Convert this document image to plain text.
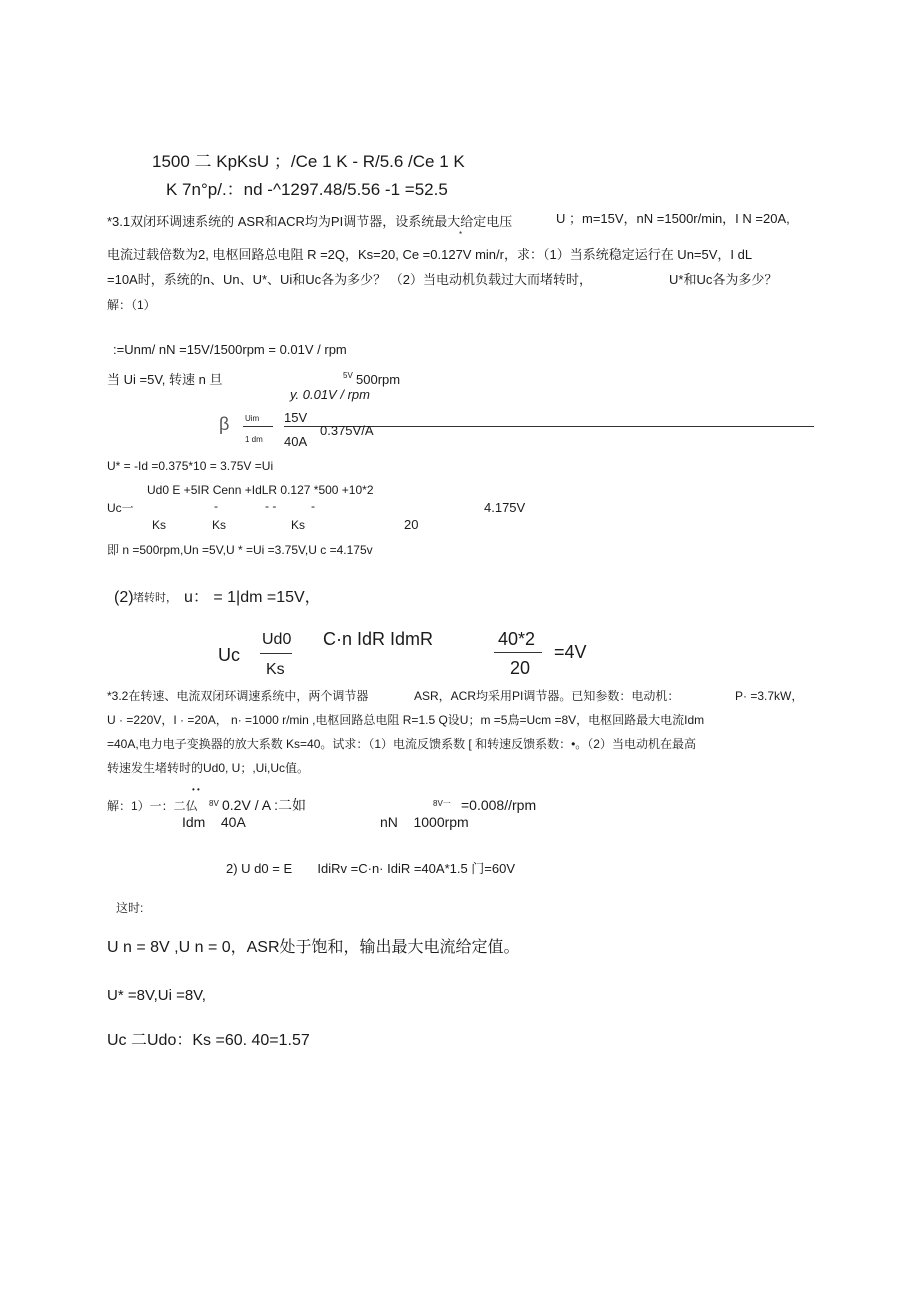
1500 二 KpKsU ；/Ce 1 K - R/5.6 /Ce 1 K
K 7n°p/.：nd -^1297.48/5.56 -1 =52.5
*3.1双闭环调速系统的 ASR和ACR均为PI调节器，设系统最大给定电压	U ；m=15V，nN =1500r/min，I N =20A,
*
电流过载倍数为2, 电枢回路总电阻 R =2Q，Ks=20, Ce =0.127V min/r，求：（1）当系统稳定运行在 Un=5V，I dL
=10A时，系统的n、Un、U*、Ui和Uc各为多少？ （2）当电动机负载过大而堵转时，	U*和Uc各为多少？
解：（1）
:=Unm/ nN =15V/1500rpm = 0.01V / rpm
当 Ui =5V, 转速 n 旦	5V 500rpm
y. 0.01V / rpm
β Uim 15V
0.375V/A
1 dm 40A
U* = -Id =0.375*10 = 3.75V =Ui
Ud0 E +5IR Cenn +IdLR 0.127 *500 +10*2
Uc一	-	- -	-	4.175V
Ks	Ks	Ks	20
即 n =500rpm,Un =5V,U * =Ui =3.75V,U c =4.175v
(2) 堵转时， u： = 1|dm =15V，
Uc
Ud0
Ks
C·n IdR IdmR	40*2
20
=4V
*3.2在转速、电流双闭环调速系统中，两个调节器	ASR，ACR均采用PI调节器。已知参数：电动机：	P· =3.7kW，
U · =220V，I · =20A， n· =1000 r/min ,电枢回路总电阻 R=1.5 Q设U；m =5鳥=Ucm =8V，电枢回路最大电流Idm
=40A,电力电子变换器的放大系数 Ks=40。试求：（1）电流反馈系数 [ 和转速反馈系数：•。（2）当电动机在最高
转速发生堵转时的Ud0, U；,Ui,Uc值。
• •
解：1）一：二仏 8V 0.2V / A :二如	8V一 =0.008//rpm
Idm    40A	nN    1000rpm
2) U d0 = E       IdiRv =C·n· IdiR =40A*1.5 门=60V
这时:
U n = 8V ,U n = 0，ASR处于饱和，输出最大电流给定值。
U* =8V,Ui =8V,
Uc 二Udo：Ks =60. 40=1.57
